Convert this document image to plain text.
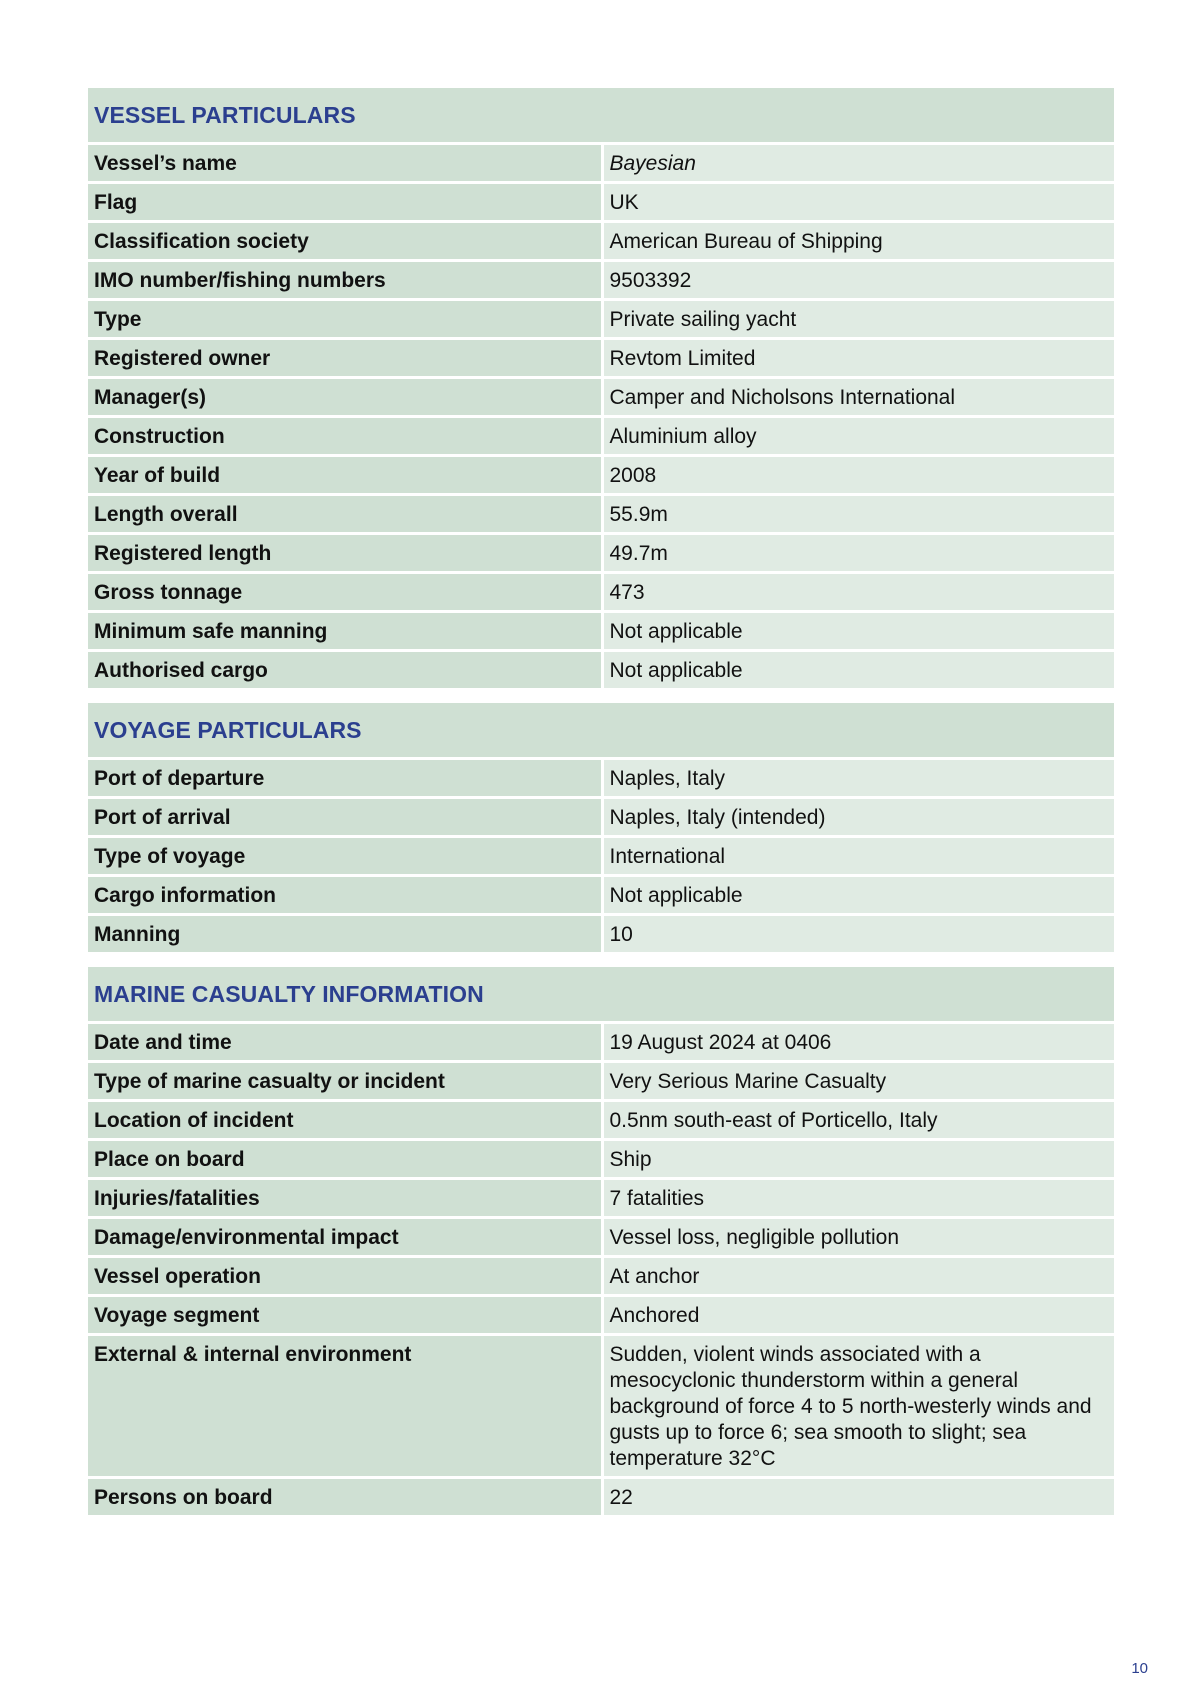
VESSEL PARTICULARS	
Vessel’s name	Bayesian
Flag	UK
Classification society	American Bureau of Shipping
IMO number/fishing numbers	9503392
Type	Private sailing yacht
Registered owner	Revtom Limited
Manager(s)	Camper and Nicholsons International
Construction	Aluminium alloy
Year of build	2008
Length overall	55.9m
Registered length	49.7m
Gross tonnage	473
Minimum safe manning	Not applicable
Authorised cargo	Not applicable
VOYAGE PARTICULARS	
Port of departure	Naples, Italy
Port of arrival	Naples, Italy (intended)
Type of voyage	International
Cargo information	Not applicable
Manning	10
MARINE CASUALTY INFORMATION	
Date and time	19 August 2024 at 0406
Type of marine casualty or incident	Very Serious Marine Casualty
Location of incident	0.5nm south-east of Porticello, Italy
Place on board	Ship
Injuries/fatalities	7 fatalities
Damage/environmental impact	Vessel loss, negligible pollution
Vessel operation	At anchor
Voyage segment	Anchored
External & internal environment	Sudden, violent winds associated with a mesocyclonic thunderstorm within a general background of force 4 to 5 north-westerly winds and gusts up to force 6; sea smooth to slight; sea temperature 32°C
Persons on board	22
10
